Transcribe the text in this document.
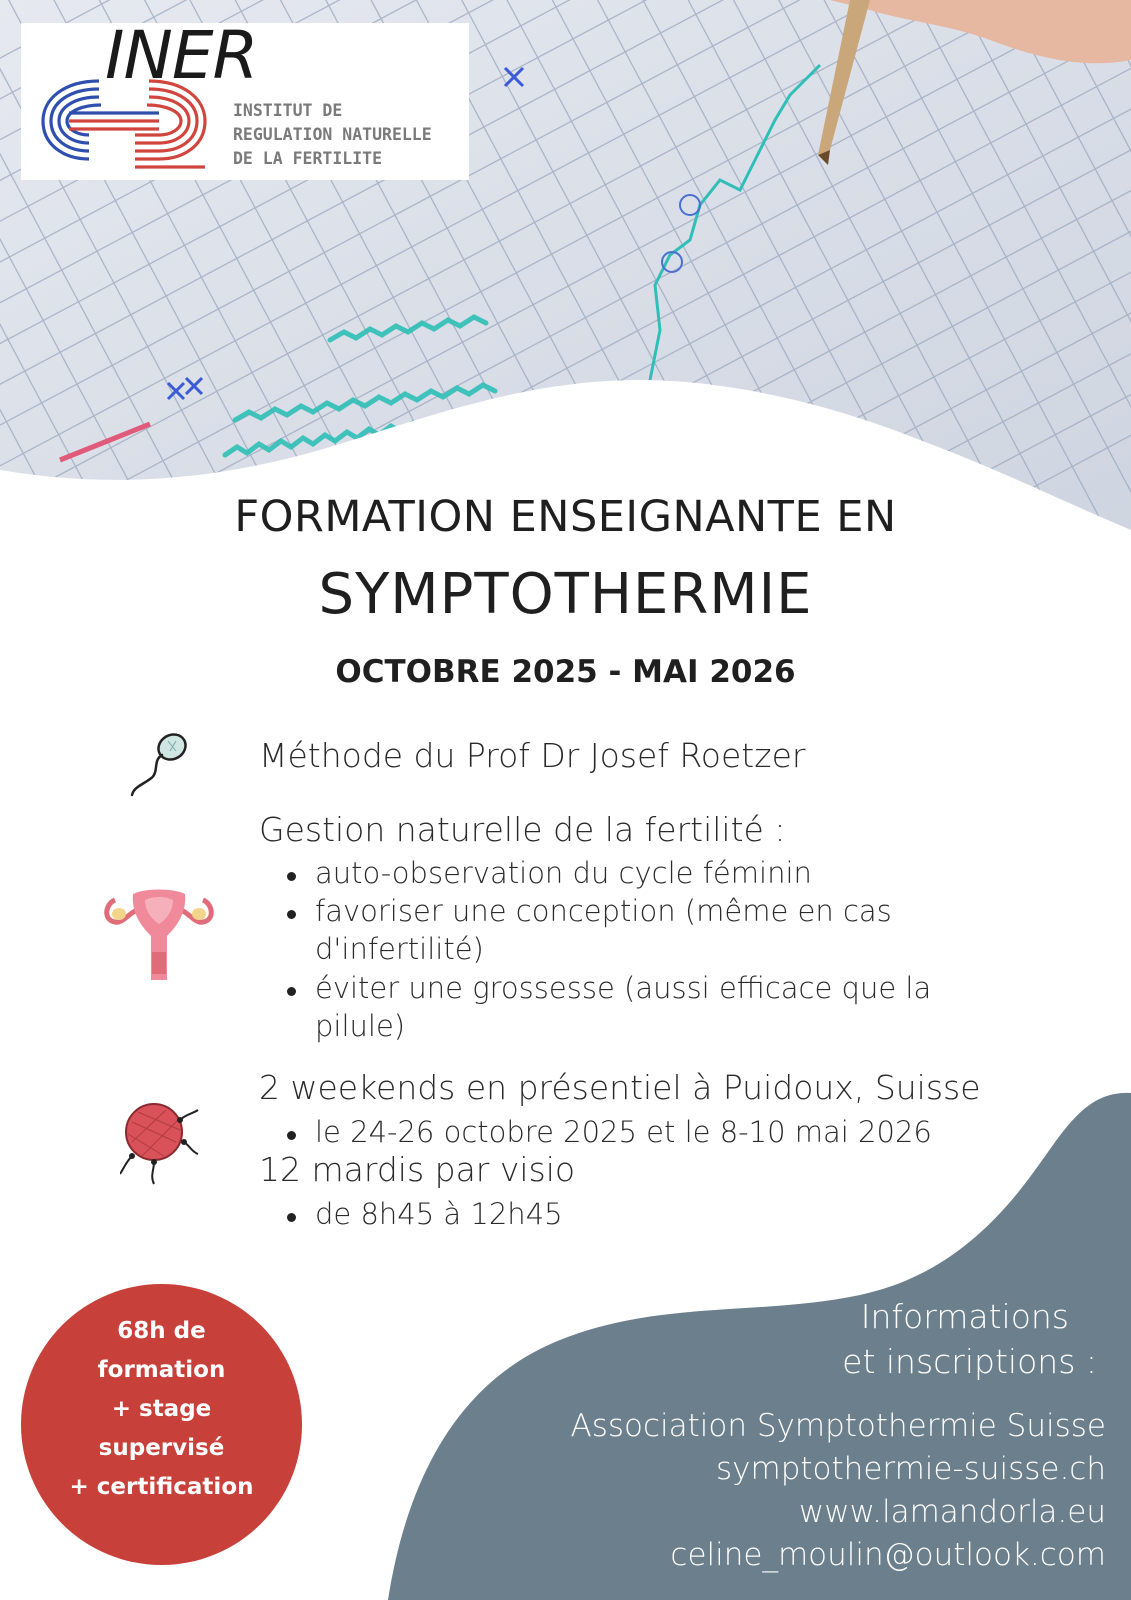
INER
INSTITUT DE
REGULATION NATURELLE
DE LA FERTILITE
FORMATION ENSEIGNANTE EN
SYMPTOTHERMIE
OCTOBRE 2025 - MAI 2026
Méthode du Prof Dr Josef Roetzer
Gestion naturelle de la fertilité :
auto-observation du cycle féminin
favoriser une conception (même en cas
d'infertilité)
éviter une grossesse (aussi efficace que la
pilule)
2 weekends en présentiel à Puidoux, Suisse
le 24-26 octobre 2025 et le 8-10 mai 2026
12 mardis par visio
de 8h45 à 12h45
Informations
et inscriptions :
Association Symptothermie Suisse
symptothermie-suisse.ch
www.lamandorla.eu
celine_moulin@outlook.com
68h de
formation
+ stage
supervisé
+ certification
